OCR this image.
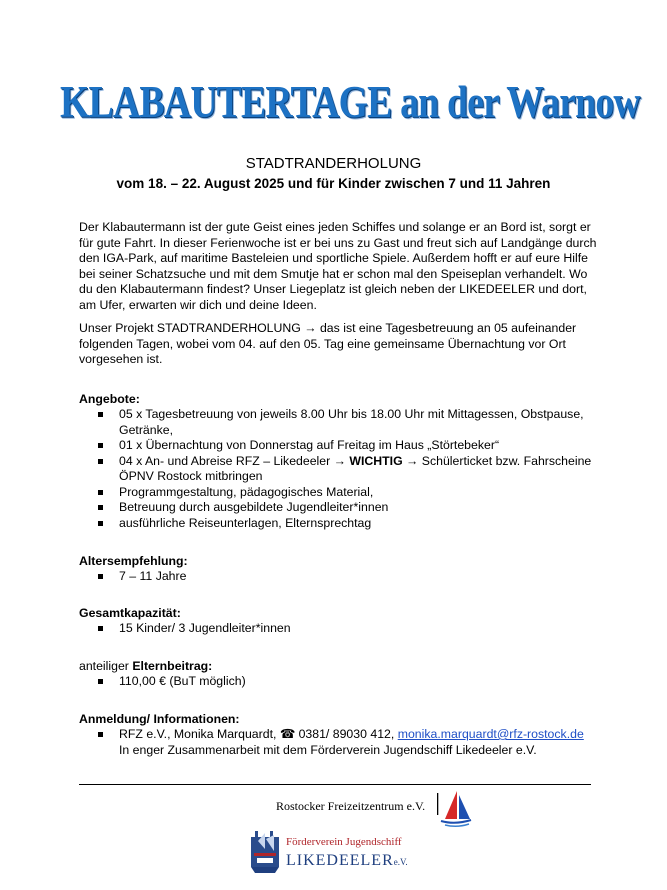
KLABAUTERTAGE an der Warnow
STADTRANDERHOLUNG
vom 18. – 22. August 2025 und für Kinder zwischen 7 und 11 Jahren
Der Klabautermann ist der gute Geist eines jeden Schiffes und solange er an Bord ist, sorgt er für gute Fahrt. In dieser Ferienwoche ist er bei uns zu Gast und freut sich auf Landgänge durch den IGA-Park, auf maritime Basteleien und sportliche Spiele. Außerdem hofft er auf eure Hilfe bei seiner Schatzsuche und mit dem Smutje hat er schon mal den Speiseplan verhandelt. Wo du den Klabautermann findest? Unser Liegeplatz ist gleich neben der LIKEDEELER und dort, am Ufer, erwarten wir dich und deine Ideen.
Unser Projekt STADTRANDERHOLUNG → das ist eine Tagesbetreuung an 05 aufeinander folgenden Tagen, wobei vom 04. auf den 05. Tag eine gemeinsame Übernachtung vor Ort vorgesehen ist.
Angebote:
05 x Tagesbetreuung von jeweils 8.00 Uhr bis 18.00 Uhr mit Mittagessen, Obstpause, Getränke,
01 x Übernachtung von Donnerstag auf Freitag im Haus „Störtebeker“
04 x An- und Abreise RFZ – Likedeeler → WICHTIG → Schülerticket bzw. Fahrscheine ÖPNV Rostock mitbringen
Programmgestaltung, pädagogisches Material,
Betreuung durch ausgebildete Jugendleiter*innen
ausführliche Reiseunterlagen, Elternsprechtag
Altersempfehlung:
7 – 11 Jahre
Gesamtkapazität:
15 Kinder/ 3 Jugendleiter*innen
anteiliger Elternbeitrag:
110,00 € (BuT möglich)
Anmeldung/ Informationen:
RFZ e.V., Monika Marquardt, ☎ 0381/ 89030 412, monika.marquardt@rfz-rostock.de
In enger Zusammenarbeit mit dem Förderverein Jugendschiff Likedeeler e.V.
Rostocker Freizeitzentrum e.V.
Förderverein Jugendschiff
LIKEDEELERe.V.
